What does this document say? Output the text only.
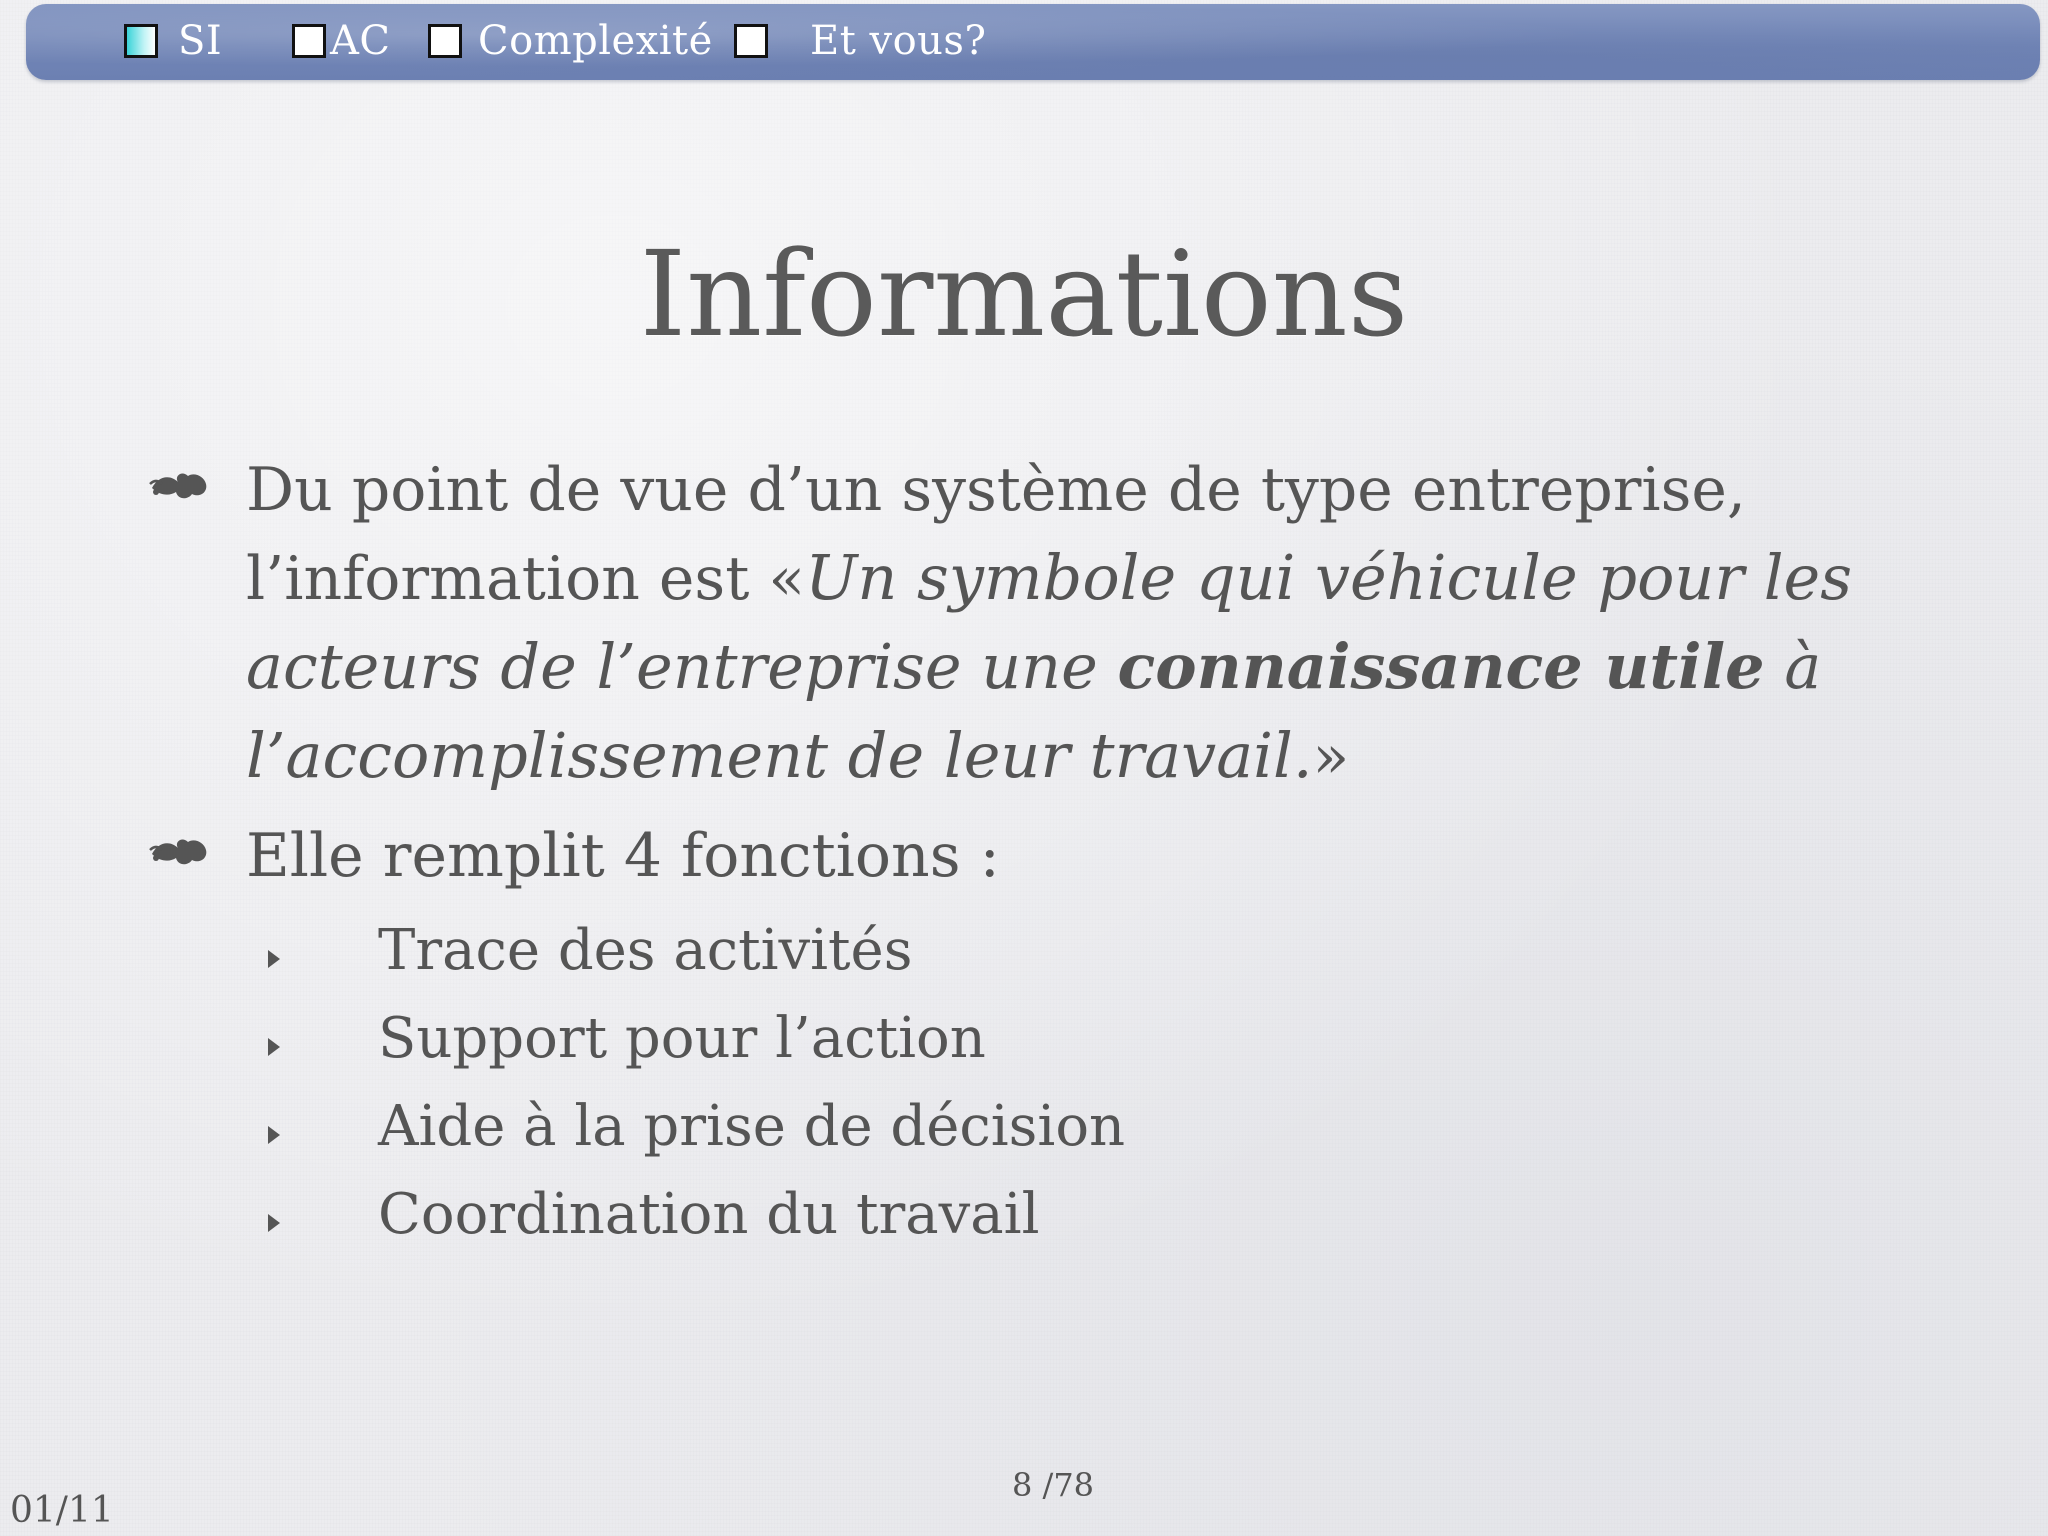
SI	AC Complexité Et vous?
Informations
Du point de vue d’un système de type entreprise, l’information est «Un symbole qui véhicule pour les acteurs de l’entreprise une connaissance utile à l’accomplissement de leur travail.»
Elle remplit 4 fonctions :
Trace des activités
Support pour l’action
Aide à la prise de décision
Coordination du travail
8 /78
01/11
